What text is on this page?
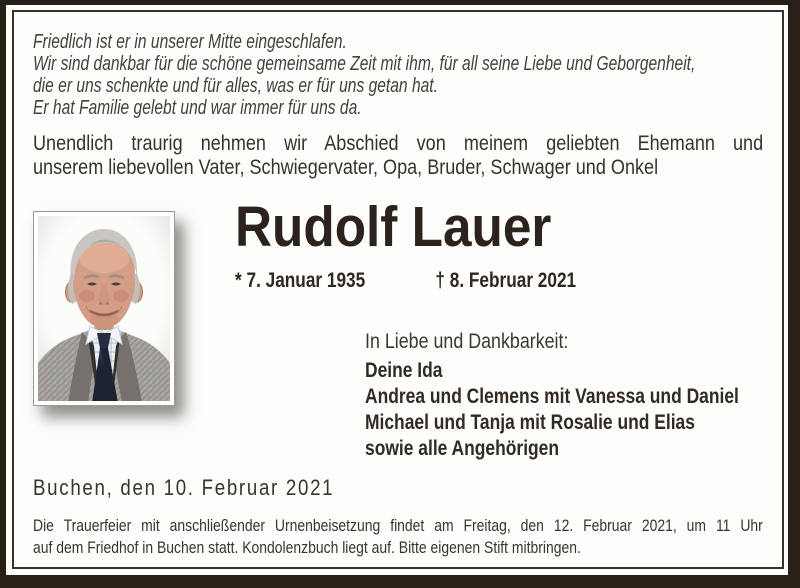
Friedlich ist er in unserer Mitte eingeschlafen.
Wir sind dankbar für die schöne gemeinsame Zeit mit ihm, für all seine Liebe und Geborgenheit,
die er uns schenkte und für alles, was er für uns getan hat.
Er hat Familie gelebt und war immer für uns da.
Unendlich traurig nehmen wir Abschied von meinem geliebten Ehemann und
unserem liebevollen Vater, Schwiegervater, Opa, Bruder, Schwager und Onkel
Rudolf Lauer
* 7. Januar 1935	† 8. Februar 2021
In Liebe und Dankbarkeit:
Deine Ida
Andrea und Clemens mit Vanessa und Daniel
Michael und Tanja mit Rosalie und Elias
sowie alle Angehörigen
Buchen, den 10. Februar 2021
Die Trauerfeier mit anschließender Urnenbeisetzung findet am Freitag, den 12. Februar 2021, um 11 Uhr
auf dem Friedhof in Buchen statt. Kondolenzbuch liegt auf. Bitte eigenen Stift mitbringen.
